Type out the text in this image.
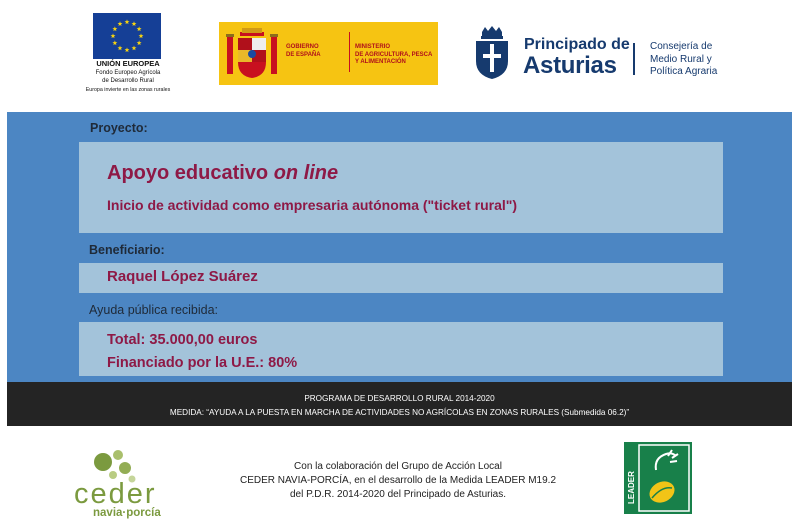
UNIÓN EUROPEA
Fondo Europeo Agrícola
de Desarrollo Rural
Europa invierte en las zonas rurales
GOBIERNO
DE ESPAÑA
MINISTERIO
DE AGRICULTURA, PESCA
Y ALIMENTACIÓN
Principado de
Asturias
Consejería de
Medio Rural y
Política Agraria
Proyecto:
Apoyo educativo on line
Inicio de actividad como empresaria autónoma ("ticket rural")
Beneficiario:
Raquel López Suárez
Ayuda pública recibida:
Total: 35.000,00 euros
Financiado por la U.E.: 80%
PROGRAMA DE DESARROLLO RURAL 2014-2020
MEDIDA: “AYUDA A LA PUESTA EN MARCHA DE ACTIVIDADES NO AGRÍCOLAS EN ZONAS RURALES (Submedida 06.2)”
ceder
navia·porcía
Con la colaboración del Grupo de Acción Local
CEDER NAVIA-PORCÍA, en el desarrollo de la Medida LEADER M19.2
del P.D.R. 2014-2020 del Principado de Asturias.	LEADER
